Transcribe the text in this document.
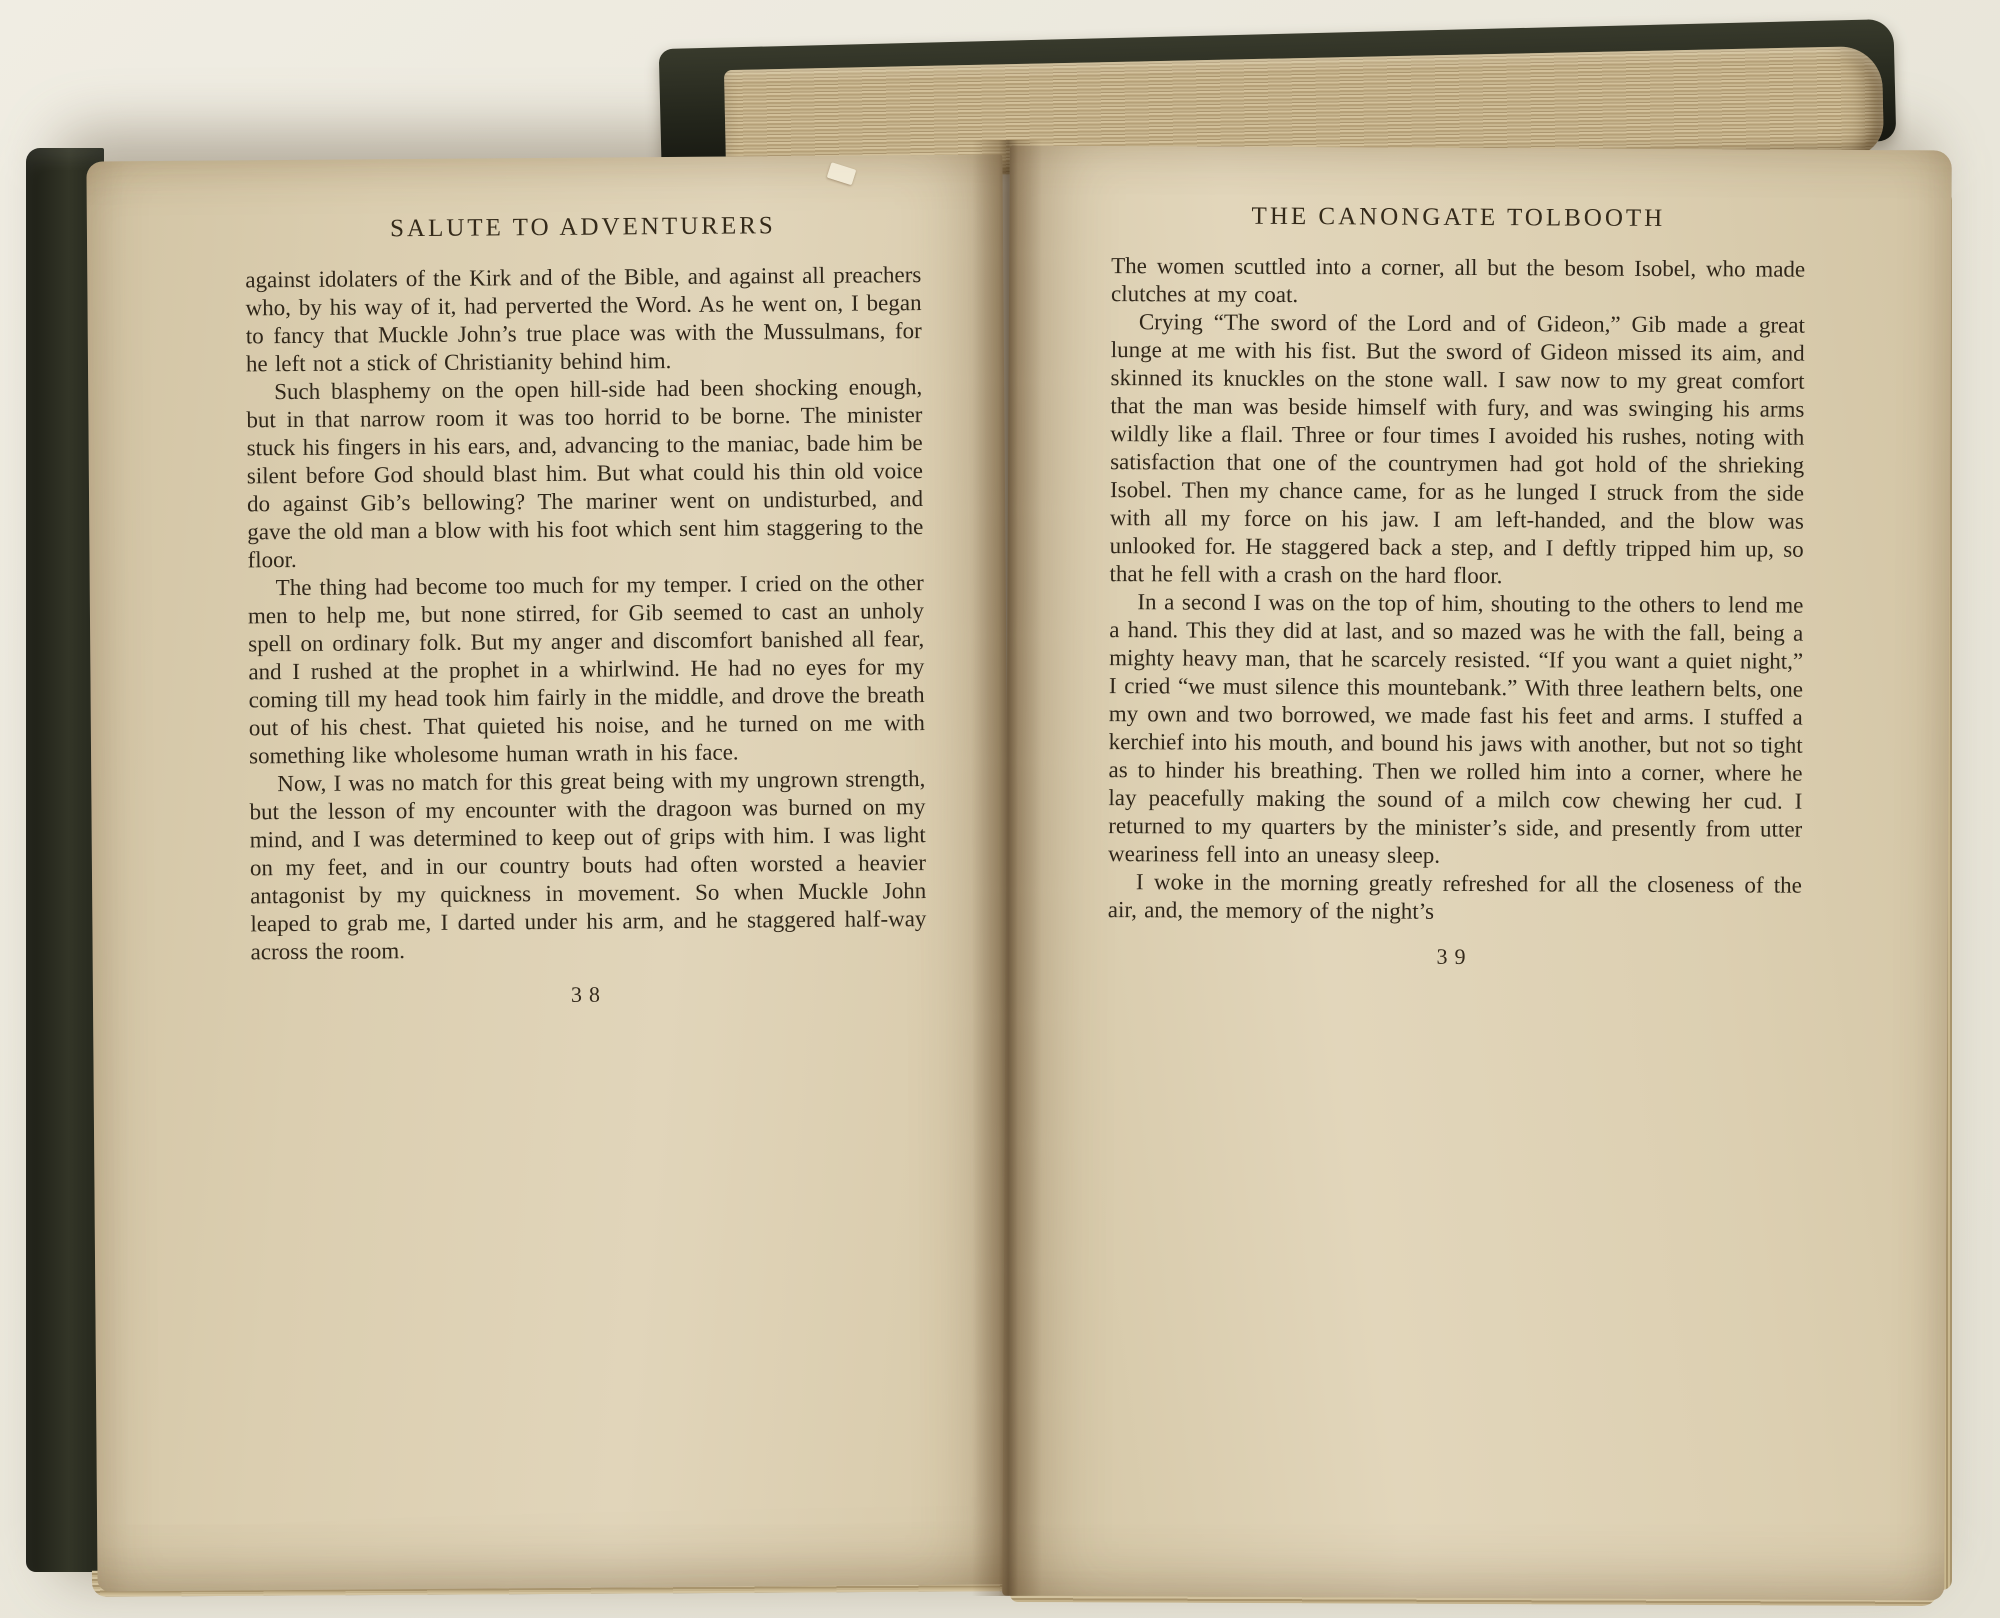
SALUTE TO ADVENTURERS

against idolaters of the Kirk and of the Bible, and against all preachers who, by his way of it, had perverted the Word. As he went on, I began to fancy that Muckle John’s true place was with the Mussulmans, for he left not a stick of Christianity behind him.

Such blasphemy on the open hill-side had been shocking enough, but in that narrow room it was too horrid to be borne. The minister stuck his fingers in his ears, and, advancing to the maniac, bade him be silent before God should blast him. But what could his thin old voice do against Gib’s bellowing? The mariner went on undisturbed, and gave the old man a blow with his foot which sent him staggering to the floor.

The thing had become too much for my temper. I cried on the other men to help me, but none stirred, for Gib seemed to cast an unholy spell on ordinary folk. But my anger and discomfort banished all fear, and I rushed at the prophet in a whirlwind. He had no eyes for my coming till my head took him fairly in the middle, and drove the breath out of his chest. That quieted his noise, and he turned on me with something like wholesome human wrath in his face.

Now, I was no match for this great being with my ungrown strength, but the lesson of my encounter with the dragoon was burned on my mind, and I was determined to keep out of grips with him. I was light on my feet, and in our country bouts had often worsted a heavier antagonist by my quickness in movement. So when Muckle John leaped to grab me, I darted under his arm, and he staggered half-way across the room.

38
THE CANONGATE TOLBOOTH

The women scuttled into a corner, all but the besom Isobel, who made clutches at my coat.

Crying “The sword of the Lord and of Gideon,” Gib made a great lunge at me with his fist. But the sword of Gideon missed its aim, and skinned its knuckles on the stone wall. I saw now to my great comfort that the man was beside himself with fury, and was swinging his arms wildly like a flail. Three or four times I avoided his rushes, noting with satisfaction that one of the countrymen had got hold of the shrieking Isobel. Then my chance came, for as he lunged I struck from the side with all my force on his jaw. I am left-handed, and the blow was unlooked for. He staggered back a step, and I deftly tripped him up, so that he fell with a crash on the hard floor.

In a second I was on the top of him, shouting to the others to lend me a hand. This they did at last, and so mazed was he with the fall, being a mighty heavy man, that he scarcely resisted. “If you want a quiet night,” I cried “we must silence this mountebank.” With three leathern belts, one my own and two borrowed, we made fast his feet and arms. I stuffed a kerchief into his mouth, and bound his jaws with another, but not so tight as to hinder his breathing. Then we rolled him into a corner, where he lay peacefully making the sound of a milch cow chewing her cud. I returned to my quarters by the minister’s side, and presently from utter weariness fell into an uneasy sleep.

I woke in the morning greatly refreshed for all the closeness of the air, and, the memory of the night’s

39
